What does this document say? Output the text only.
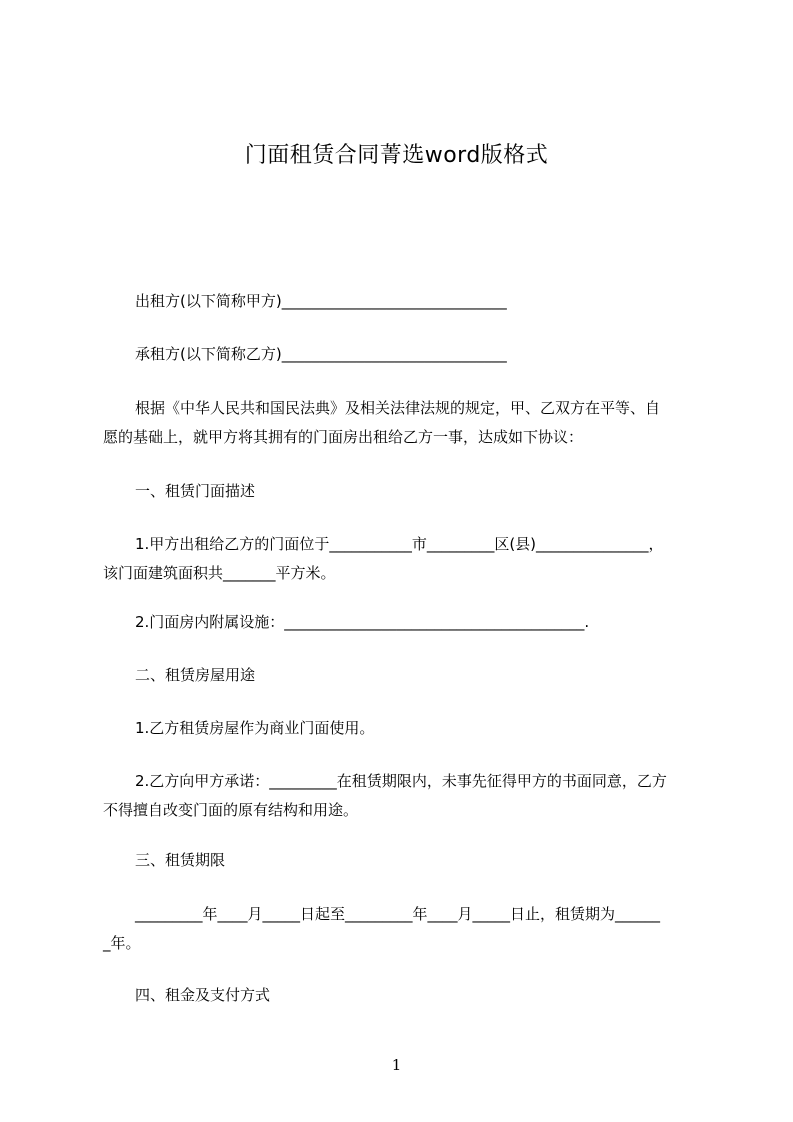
门面租赁合同菁选word版格式
出租方(以下简称甲方)______________________________
承租方(以下简称乙方)______________________________
根据《中华人民共和国民法典》及相关法律法规的规定，甲、乙双方在平等、自
愿的基础上，就甲方将其拥有的门面房出租给乙方一事，达成如下协议：
一、租赁门面描述
1.甲方出租给乙方的门面位于___________市_________区(县)_______________，
该门面建筑面积共_______平方米。
2.门面房内附属设施：________________________________________.
二、租赁房屋用途
1.乙方租赁房屋作为商业门面使用。
2.乙方向甲方承诺：_________在租赁期限内，未事先征得甲方的书面同意，乙方
不得擅自改变门面的原有结构和用途。
三、租赁期限
_________年____月_____日起至_________年____月_____日止，租赁期为______
_年。
四、租金及支付方式
1
